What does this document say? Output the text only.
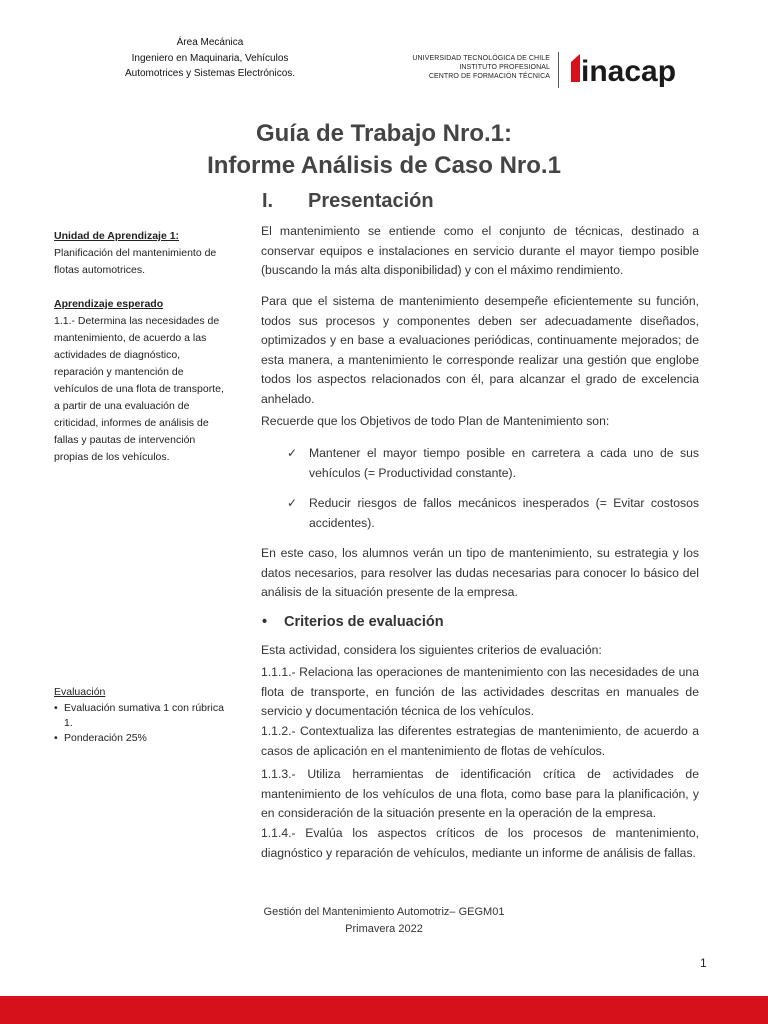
Área Mecánica
Ingeniero en Maquinaria, Vehículos
Automotrices y Sistemas Electrónicos.
UNIVERSIDAD TECNOLÓGICA DE CHILE
INSTITUTO PROFESIONAL
CENTRO DE FORMACIÓN TÉCNICA inacap
Guía de Trabajo Nro.1:
Informe Análisis de Caso Nro.1
I. Presentación
Unidad de Aprendizaje 1:

Planificación del mantenimiento de flotas automotrices.

Aprendizaje esperado

1.1.- Determina las necesidades de mantenimiento, de acuerdo a las actividades de diagnóstico, reparación y mantención de vehículos de una flota de transporte, a partir de una evaluación de criticidad, informes de análisis de fallas y pautas de intervención propias de los vehículos.

Evaluación
• Evaluación sumativa 1 con rúbrica 1.
• Ponderación 25%

El mantenimiento se entiende como el conjunto de técnicas, destinado a conservar equipos e instalaciones en servicio durante el mayor tiempo posible (buscando la más alta disponibilidad) y con el máximo rendimiento.

Para que el sistema de mantenimiento desempeñe eficientemente su función, todos sus procesos y componentes deben ser adecuadamente diseñados, optimizados y en base a evaluaciones periódicas, continuamente mejorados; de esta manera, a mantenimiento le corresponde realizar una gestión que englobe todos los aspectos relacionados con él, para alcanzar el grado de excelencia anhelado.

Recuerde que los Objetivos de todo Plan de Mantenimiento son:

✓ Mantener el mayor tiempo posible en carretera a cada uno de sus vehículos (= Productividad constante).
✓ Reducir riesgos de fallos mecánicos inesperados (= Evitar costosos accidentes).

En este caso, los alumnos verán un tipo de mantenimiento, su estrategia y los datos necesarios, para resolver las dudas necesarias para conocer lo básico del análisis de la situación presente de la empresa.

• Criterios de evaluación

Esta actividad, considera los siguientes criterios de evaluación:

1.1.1.- Relaciona las operaciones de mantenimiento con las necesidades de una flota de transporte, en función de las actividades descritas en manuales de servicio y documentación técnica de los vehículos.

1.1.2.- Contextualiza las diferentes estrategias de mantenimiento, de acuerdo a casos de aplicación en el mantenimiento de flotas de vehículos.

1.1.3.- Utiliza herramientas de identificación crítica de actividades de mantenimiento de los vehículos de una flota, como base para la planificación, y en consideración de la situación presente en la operación de la empresa.

1.1.4.- Evalúa los aspectos críticos de los procesos de mantenimiento, diagnóstico y reparación de vehículos, mediante un informe de análisis de fallas.

Gestión del Mantenimiento Automotriz– GEGM01
Primavera 2022
1
